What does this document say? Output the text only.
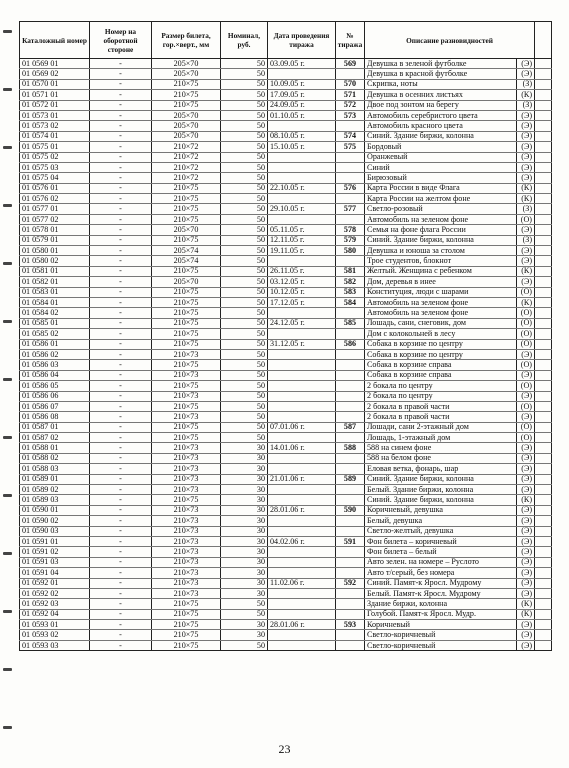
Каталожный номер	Номер на оборотной стороне	Размер билета, гор.×верт., мм	Номинал, руб.	Дата проведения тиража	№ тиража	Описание разновидностей		
01 0569 01	-	205×70	50	03.09.05 г.	569	Девушка в зеленой футболке	(Э)	
01 0569 02	-	205×70	50			Девушка в красной футболке	(Э)	
01 0570 01	-	210×75	50	10.09.05 г.	570	Скрипка, ноты	(З)	
01 0571 01	-	210×75	50	17.09.05 г.	571	Девушка в осенних листьях	(К)	
01 0572 01	-	210×75	50	24.09.05 г.	572	Двое под зонтом на берегу	(З)	
01 0573 01	-	205×70	50	01.10.05 г.	573	Автомобиль серебристого цвета	(Э)	
01 0573 02	-	205×70	50			Автомобиль красного цвета	(Э)	
01 0574 01	-	205×70	50	08.10.05 г.	574	Синий. Здание биржи, колонна	(Э)	
01 0575 01	-	210×72	50	15.10.05 г.	575	Бордовый	(Э)	
01 0575 02	-	210×72	50			Оранжевый	(Э)	
01 0575 03	-	210×72	50			Синий	(Э)	
01 0575 04	-	210×72	50			Бирюзовый	(Э)	
01 0576 01	-	210×75	50	22.10.05 г.	576	Карта России в виде Флага	(К)	
01 0576 02	-	210×75	50			Карта России на желтом фоне	(К)	
01 0577 01	-	210×75	50	29.10.05 г.	577	Светло-розовый	(З)	
01 0577 02	-	210×75	50			Автомобиль на зеленом фоне	(О)	
01 0578 01	-	205×70	50	05.11.05 г.	578	Семья на фоне флага России	(Э)	
01 0579 01	-	210×75	50	12.11.05 г.	579	Синий. Здание биржи, колонна	(З)	
01 0580 01	-	205×74	50	19.11.05 г.	580	Девушка и юноша за столом	(Э)	
01 0580 02	-	205×74	50			Трое студентов, блокнот	(Э)	
01 0581 01	-	210×75	50	26.11.05 г.	581	Желтый. Женщина с ребенком	(К)	
01 0582 01	-	205×70	50	03.12.05 г.	582	Дом, деревья в инее	(Э)	
01 0583 01	-	210×75	50	10.12.05 г.	583	Конституция, люди с шарами	(О)	
01 0584 01	-	210×75	50	17.12.05 г.	584	Автомобиль на зеленом фоне	(К)	
01 0584 02	-	210×75	50			Автомобиль на зеленом фоне	(О)	
01 0585 01	-	210×75	50	24.12.05 г.	585	Лошадь, сани, снеговик, дом	(О)	
01 0585 02	-	210×75	50			Дом с колокольней в лесу	(О)	
01 0586 01	-	210×75	50	31.12.05 г.	586	Собака в корзине по центру	(О)	
01 0586 02	-	210×73	50			Собака в корзине по центру	(Э)	
01 0586 03	-	210×75	50			Собака в корзине справа	(О)	
01 0586 04	-	210×73	50			Собака в корзине справа	(Э)	
01 0586 05	-	210×75	50			2 бокала по центру	(О)	
01 0586 06	-	210×73	50			2 бокала по центру	(Э)	
01 0586 07	-	210×75	50			2 бокала в правой части	(О)	
01 0586 08	-	210×73	50			2 бокала в правой части	(Э)	
01 0587 01	-	210×75	50	07.01.06 г.	587	Лошади, сани 2-этажный дом	(О)	
01 0587 02	-	210×75	50			Лошадь, 1-этажный дом	(О)	
01 0588 01	-	210×73	30	14.01.06 г.	588	588 на синем фоне	(Э)	
01 0588 02	-	210×73	30			588 на белом фоне	(Э)	
01 0588 03	-	210×73	30			Еловая ветка, фонарь, шар	(Э)	
01 0589 01	-	210×73	30	21.01.06 г.	589	Синий. Здание биржи, колонна	(Э)	
01 0589 02	-	210×73	30			Белый. Здание биржи, колонна	(Э)	
01 0589 03	-	210×75	30			Синий. Здание биржи, колонна	(К)	
01 0590 01	-	210×73	30	28.01.06 г.	590	Коричневый, девушка	(Э)	
01 0590 02	-	210×73	30			Белый, девушка	(Э)	
01 0590 03	-	210×73	30			Светло-желтый, девушка	(Э)	
01 0591 01	-	210×73	30	04.02.06 г.	591	Фон билета – коричневый	(Э)	
01 0591 02	-	210×73	30			Фон билета – белый	(Э)	
01 0591 03	-	210×73	30			Авто зелен. на номере – Руслото	(Э)	
01 0591 04	-	210×73	30			Авто т/серый, без номера	(Э)	
01 0592 01	-	210×73	30	11.02.06 г.	592	Синий. Памят-к Яросл. Мудрому	(Э)	
01 0592 02	-	210×73	30			Белый. Памят-к Яросл. Мудрому	(Э)	
01 0592 03	-	210×75	50			Здание биржи, колонна	(К)	
01 0592 04	-	210×75	50			Голубой. Памят-к Яросл. Мудр.	(К)	
01 0593 01	-	210×75	30	28.01.06 г.	593	Коричневый	(Э)	
01 0593 02	-	210×75	30			Светло-коричневый	(Э)	
01 0593 03	-	210×75	50			Светло-коричневый	(Э)	
23
